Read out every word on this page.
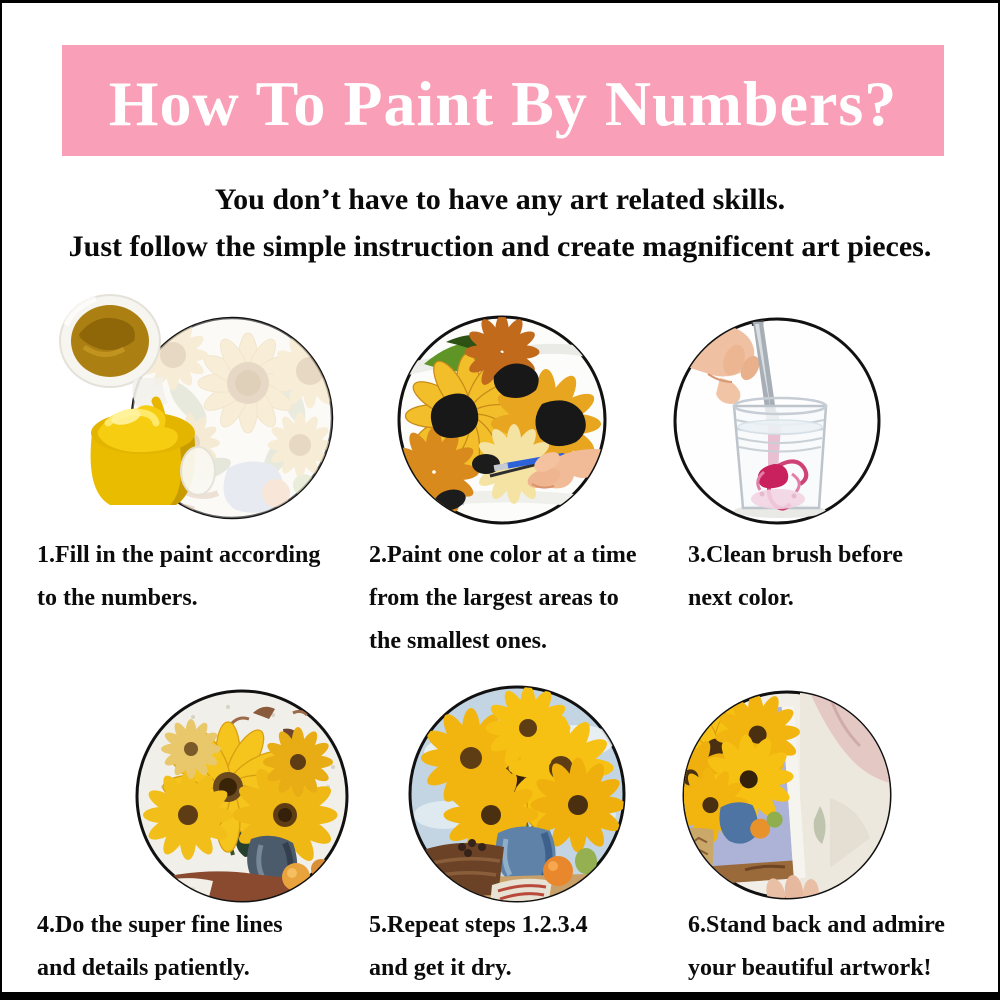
How To Paint By Numbers?
You don’t have to have any art related skills.
Just follow the simple instruction and create magnificent art pieces.
1.Fill in the paint according
to the numbers.
2.Paint one color at a time
from the largest areas to
the smallest ones.
3.Clean brush before
next color.
4.Do the super fine lines
and details patiently.
5.Repeat steps 1.2.3.4
and get it dry.
6.Stand back and admire
your beautiful artwork!
